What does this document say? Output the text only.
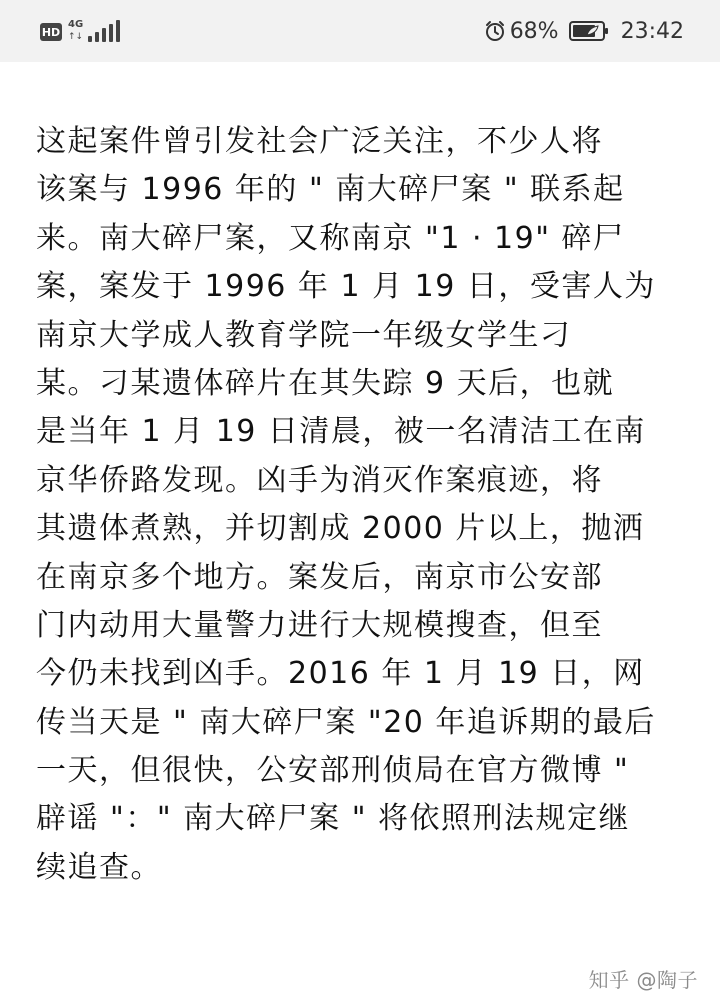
HD
4G
↑↓	68%	23:42
这起案件曾引发社会广泛关注，不少人将
该案与 1996 年的 " 南大碎尸案 " 联系起
来。南大碎尸案，又称南京 "1 · 19" 碎尸
案，案发于 1996 年 1 月 19 日，受害人为
南京大学成人教育学院一年级女学生刁
某。刁某遗体碎片在其失踪 9 天后，也就
是当年 1 月 19 日清晨，被一名清洁工在南
京华侨路发现。凶手为消灭作案痕迹，将
其遗体煮熟，并切割成 2000 片以上，抛洒
在南京多个地方。案发后，南京市公安部
门内动用大量警力进行大规模搜查，但至
今仍未找到凶手。2016 年 1 月 19 日，网
传当天是 " 南大碎尸案 "20 年追诉期的最后
一天，但很快，公安部刑侦局在官方微博 "
辟谣 "：" 南大碎尸案 " 将依照刑法规定继
续追查。
知乎 @陶子
